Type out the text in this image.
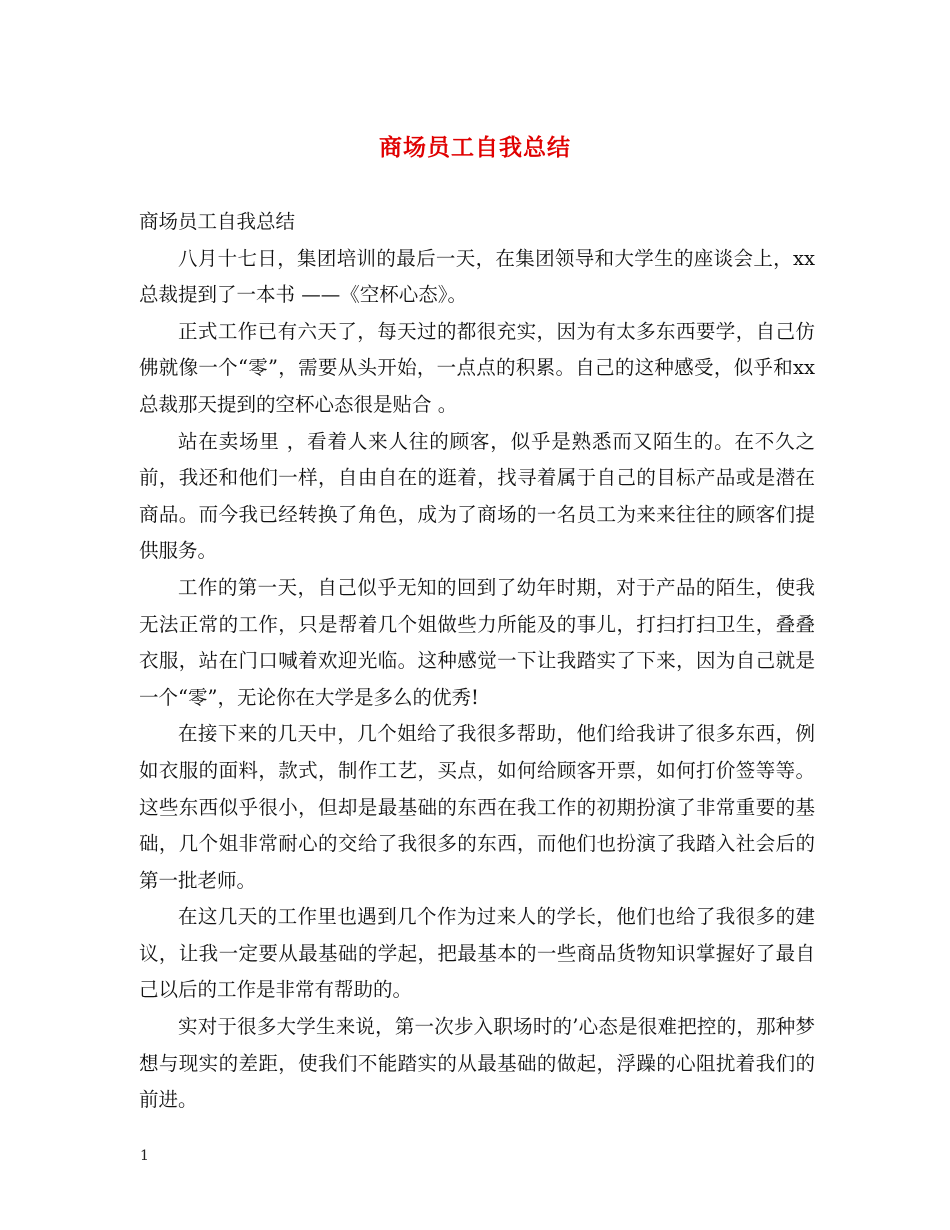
商场员工自我总结

商场员工自我总结

八月十七日，集团培训的最后一天，在集团领导和大学生的座谈会上，xx总裁提到了一本书 ——《空杯心态》。

正式工作已有六天了，每天过的都很充实，因为有太多东西要学，自己仿佛就像一个“零”，需要从头开始，一点点的积累。自己的这种感受，似乎和xx总裁那天提到的空杯心态很是贴合 。

站在卖场里 ，看着人来人往的顾客，似乎是熟悉而又陌生的。在不久之前，我还和他们一样，自由自在的逛着，找寻着属于自己的目标产品或是潜在商品。而今我已经转换了角色，成为了商场的一名员工为来来往往的顾客们提供服务。

工作的第一天，自己似乎无知的回到了幼年时期，对于产品的陌生，使我无法正常的工作，只是帮着几个姐做些力所能及的事儿，打扫打扫卫生，叠叠衣服，站在门口喊着欢迎光临。这种感觉一下让我踏实了下来，因为自己就是一个“零”，无论你在大学是多么的优秀!

在接下来的几天中，几个姐给了我很多帮助，他们给我讲了很多东西，例如衣服的面料，款式，制作工艺，买点，如何给顾客开票，如何打价签等等。这些东西似乎很小，但却是最基础的东西在我工作的初期扮演了非常重要的基础，几个姐非常耐心的交给了我很多的东西，而他们也扮演了我踏入社会后的第一批老师。

在这几天的工作里也遇到几个作为过来人的学长，他们也给了我很多的建议，让我一定要从最基础的学起，把最基本的一些商品货物知识掌握好了最自己以后的工作是非常有帮助的。

实对于很多大学生来说，第一次步入职场时的’心态是很难把控的，那种梦想与现实的差距，使我们不能踏实的从最基础的做起，浮躁的心阻扰着我们的前进。

1
